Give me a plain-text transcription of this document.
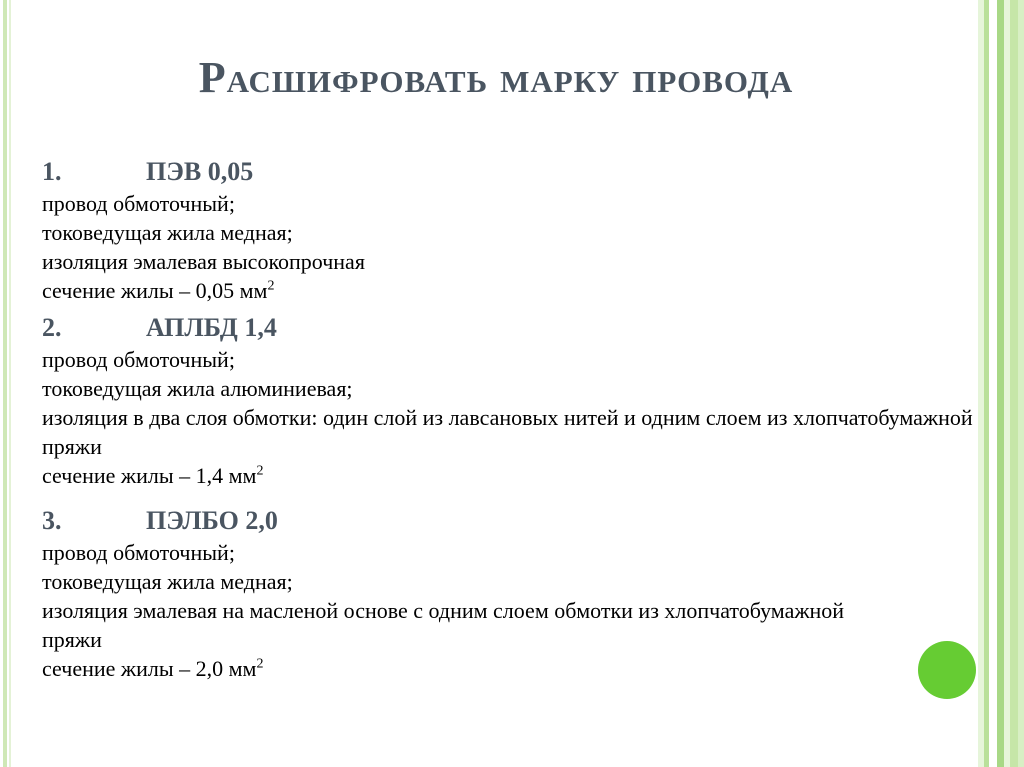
Расшифровать марку провода
1.	ПЭВ 0,05
провод обмоточный;
токоведущая жила медная;
изоляция эмалевая высокопрочная
сечение жилы – 0,05 $мм^2$
2.	АПЛБД 1,4
провод обмоточный;
токоведущая жила алюминиевая;
изоляция в два слоя обмотки: один слой из лавсановых нитей и одним слоем из хлопчатобумажной пряжи
сечение жилы – 1,4 $мм^2$
3.	ПЭЛБО 2,0
провод обмоточный;
токоведущая жила медная;
изоляция эмалевая на масленой основе с одним слоем обмотки из хлопчатобумажной пряжи
сечение жилы – 2,0 $мм^2$
